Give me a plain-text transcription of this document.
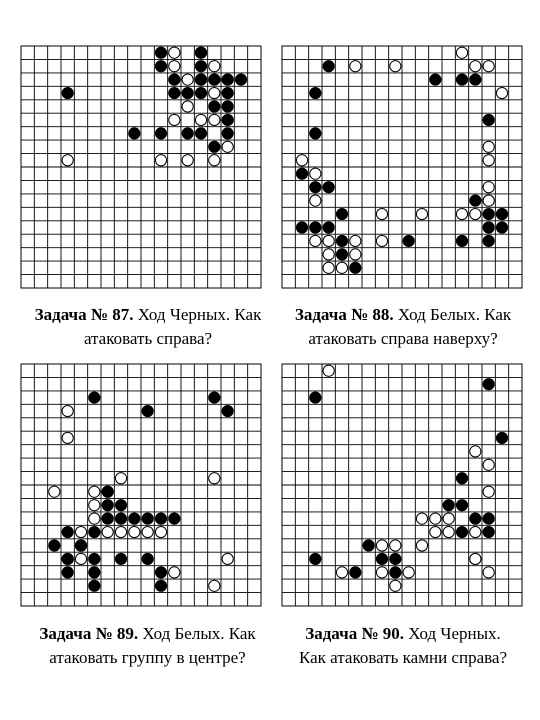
Задача № 87. Ход Черных. Как атаковать справа?
Задача № 88. Ход Белых. Как атаковать справа наверху?
Задача № 89. Ход Белых. Как атаковать группу в центре?
Задача № 90. Ход Черных.
Как атаковать камни справа?
